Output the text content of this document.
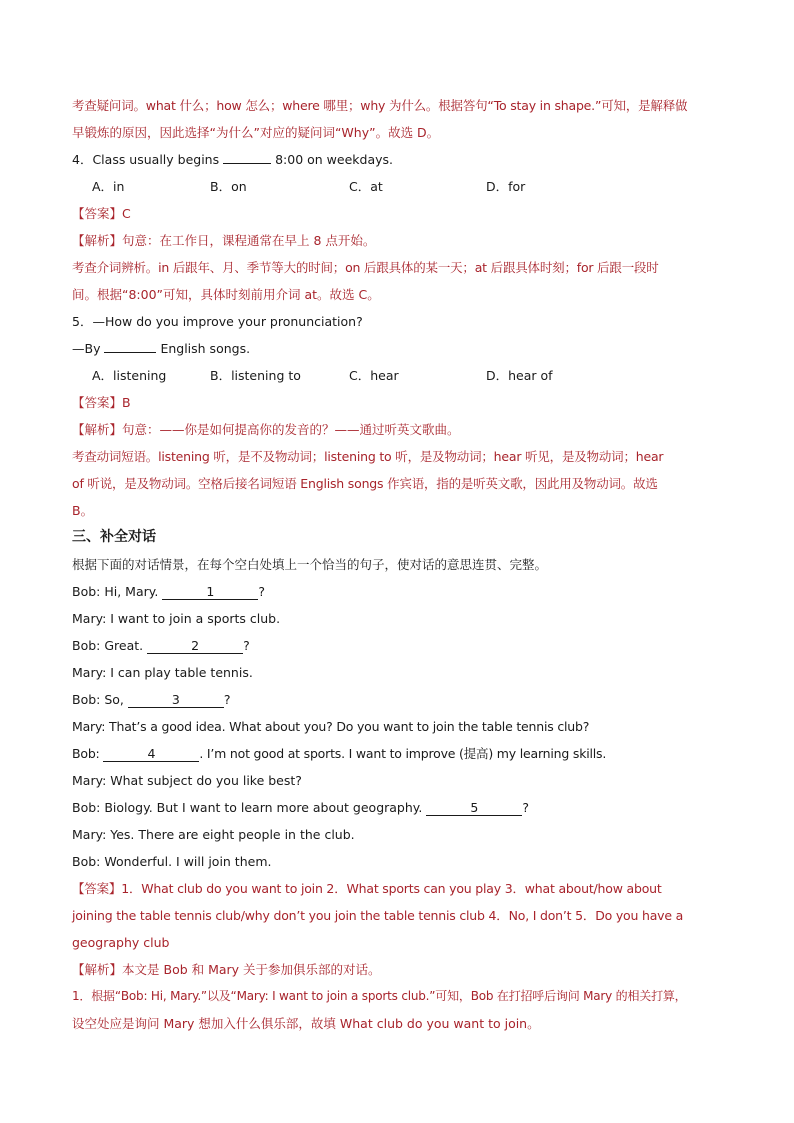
考查疑问词。what 什么；how 怎么；where 哪里；why 为什么。根据答句“To stay in shape.”可知，是解释做
早锻炼的原因，因此选择“为什么”对应的疑问词“Why”。故选 D。
4．Class usually begins	8:00 on weekdays.
A．in	B．on	C．at	D．for
【答案】C
【解析】句意：在工作日，课程通常在早上 8 点开始。
考查介词辨析。in 后跟年、月、季节等大的时间；on 后跟具体的某一天；at 后跟具体时刻；for 后跟一段时
间。根据“8:00”可知，具体时刻前用介词 at。故选 C。
5．—How do you improve your pronunciation?
—By	English songs.
A．listening	B．listening to	C．hear	D．hear of
【答案】B
【解析】句意：——你是如何提高你的发音的？——通过听英文歌曲。
考查动词短语。listening 听，是不及物动词；listening to 听，是及物动词；hear 听见，是及物动词；hear
of 听说，是及物动词。空格后接名词短语 English songs 作宾语，指的是听英文歌，因此用及物动词。故选
B。
三、补全对话
根据下面的对话情景，在每个空白处填上一个恰当的句子，使对话的意思连贯、完整。
Bob: Hi, Mary.	1	?
Mary: I want to join a sports club.
Bob: Great.	2	?
Mary: I can play table tennis.
Bob: So,	3	?
Mary: That’s a good idea. What about you? Do you want to join the table tennis club?
Bob:	4	. I’m not good at sports. I want to improve (提高) my learning skills.
Mary: What subject do you like best?
Bob: Biology. But I want to learn more about geography.	5	?
Mary: Yes. There are eight people in the club.
Bob: Wonderful. I will join them.
【答案】1．What club do you want to join 2．What sports can you play 3．what about/how about
joining the table tennis club/why don’t you join the table tennis club 4．No, I don’t 5．Do you have a
geography club
【解析】本文是 Bob 和 Mary 关于参加俱乐部的对话。
1．根据“Bob: Hi, Mary.”以及“Mary: I want to join a sports club.”可知，Bob 在打招呼后询问 Mary 的相关打算，
设空处应是询问 Mary 想加入什么俱乐部，故填 What club do you want to join。
